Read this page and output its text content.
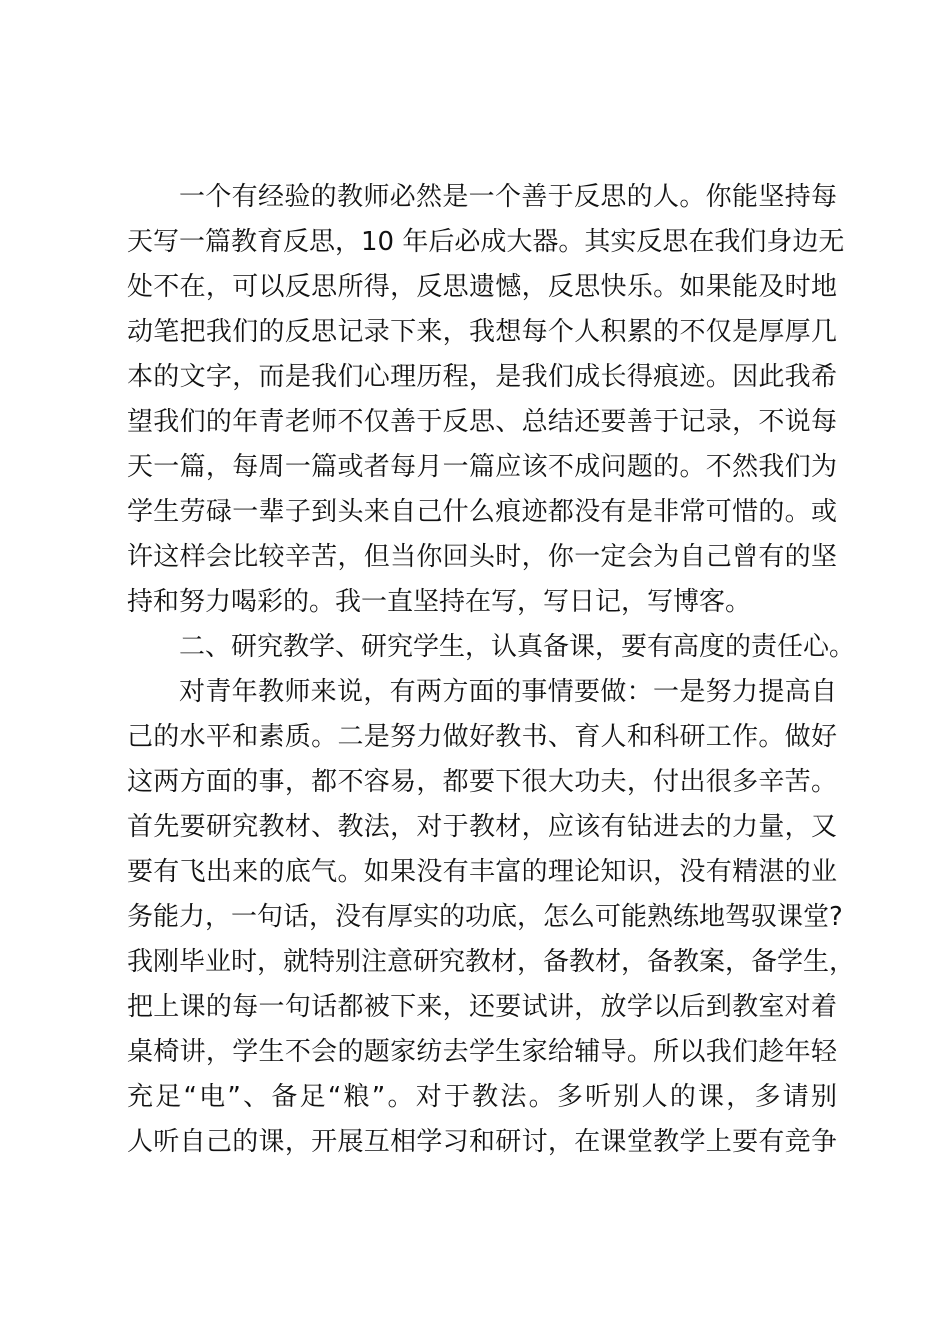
一个有经验的教师必然是一个善于反思的人。你能坚持每
天写一篇教育反思，10 年后必成大器。其实反思在我们身边无
处不在，可以反思所得，反思遗憾，反思快乐。如果能及时地
动笔把我们的反思记录下来，我想每个人积累的不仅是厚厚几
本的文字，而是我们心理历程，是我们成长得痕迹。因此我希
望我们的年青老师不仅善于反思、总结还要善于记录，不说每
天一篇，每周一篇或者每月一篇应该不成问题的。不然我们为
学生劳碌一辈子到头来自己什么痕迹都没有是非常可惜的。或
许这样会比较辛苦，但当你回头时，你一定会为自己曾有的坚
持和努力喝彩的。我一直坚持在写，写日记，写博客。
二、研究教学、研究学生，认真备课，要有高度的责任心。
对青年教师来说，有两方面的事情要做：一是努力提高自
己的水平和素质。二是努力做好教书、育人和科研工作。做好
这两方面的事，都不容易，都要下很大功夫，付出很多辛苦。
首先要研究教材、教法，对于教材，应该有钻进去的力量，又
要有飞出来的底气。如果没有丰富的理论知识，没有精湛的业
务能力，一句话，没有厚实的功底，怎么可能熟练地驾驭课堂?
我刚毕业时，就特别注意研究教材，备教材，备教案，备学生，
把上课的每一句话都被下来，还要试讲，放学以后到教室对着
桌椅讲，学生不会的题家纺去学生家给辅导。所以我们趁年轻
充足“电”、备足“粮”。对于教法。多听别人的课，多请别
人听自己的课，开展互相学习和研讨，在课堂教学上要有竞争
